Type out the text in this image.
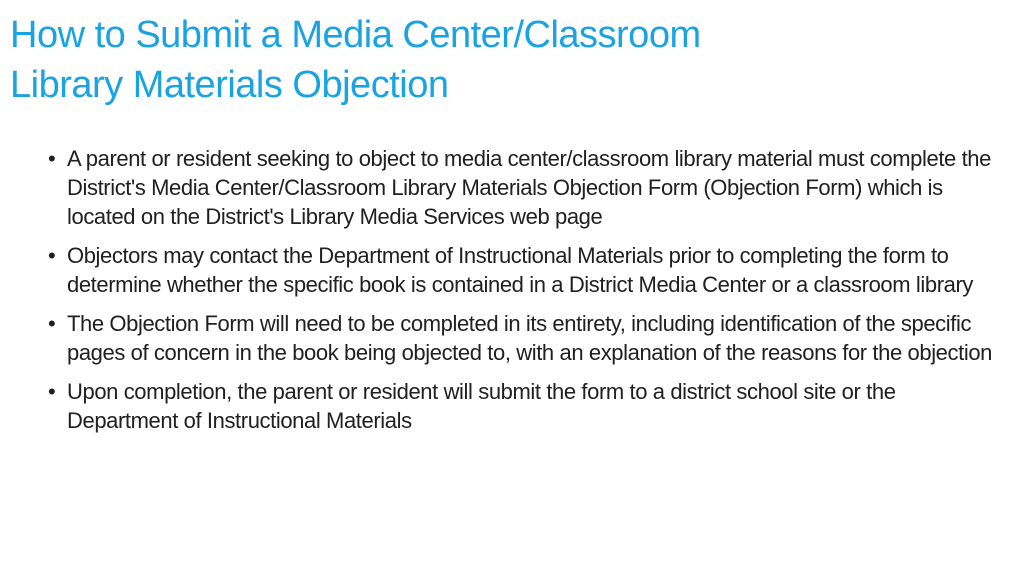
How to Submit a Media Center/Classroom
Library Materials Objection
• A parent or resident seeking to object to media center/classroom library material must complete the District's Media Center/Classroom Library Materials Objection Form (Objection Form) which is located on the District's Library Media Services web page
• Objectors may contact the Department of Instructional Materials prior to completing the form to determine whether the specific book is contained in a District Media Center or a classroom library
• The Objection Form will need to be completed in its entirety, including identification of the specific pages of concern in the book being objected to, with an explanation of the reasons for the objection
• Upon completion, the parent or resident will submit the form to a district school site or the Department of Instructional Materials
